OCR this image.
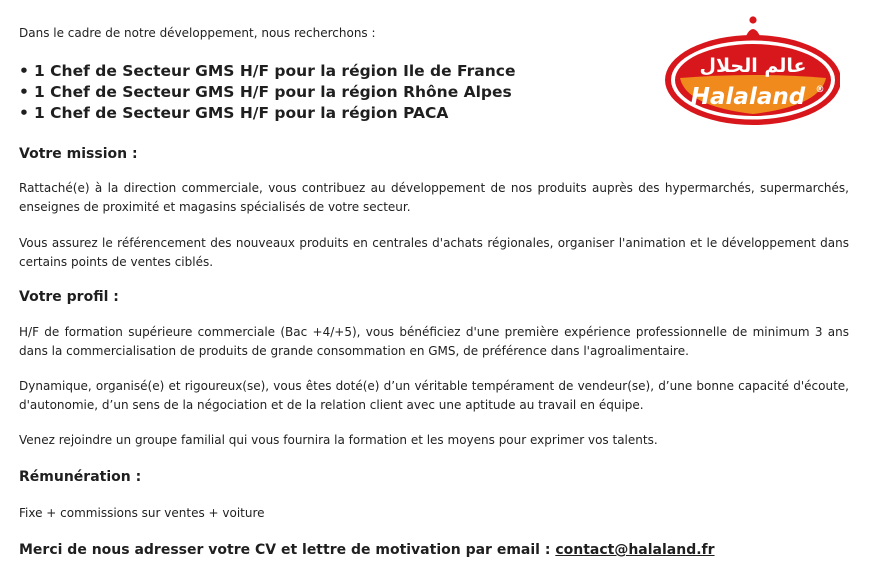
Dans le cadre de notre développement, nous recherchons :

• 1 Chef de Secteur GMS H/F pour la région Ile de France
• 1 Chef de Secteur GMS H/F pour la région Rhône Alpes
• 1 Chef de Secteur GMS H/F pour la région PACA
Votre mission :

Rattaché(e) à la direction commerciale, vous contribuez au développement de nos produits auprès des hypermarchés, supermarchés, enseignes de proximité et magasins spécialisés de votre secteur.

Vous assurez le référencement des nouveaux produits en centrales d'achats régionales, organiser l'animation et le développement dans certains points de ventes ciblés.

Votre profil :

H/F de formation supérieure commerciale (Bac +4/+5), vous bénéficiez d'une première expérience professionnelle de minimum 3 ans dans la commercialisation de produits de grande consommation en GMS, de préférence dans l'agroalimentaire.

Dynamique, organisé(e) et rigoureux(se), vous êtes doté(e) d’un véritable tempérament de vendeur(se), d’une bonne capacité d'écoute, d'autonomie, d’un sens de la négociation et de la relation client avec une aptitude au travail en équipe.

Venez rejoindre un groupe familial qui vous fournira la formation et les moyens pour exprimer vos talents.

Rémunération :

Fixe + commissions sur ventes + voiture

Merci de nous adresser votre CV et lettre de motivation par email : contact@halaland.fr

عالم الحلال
Halaland ®
